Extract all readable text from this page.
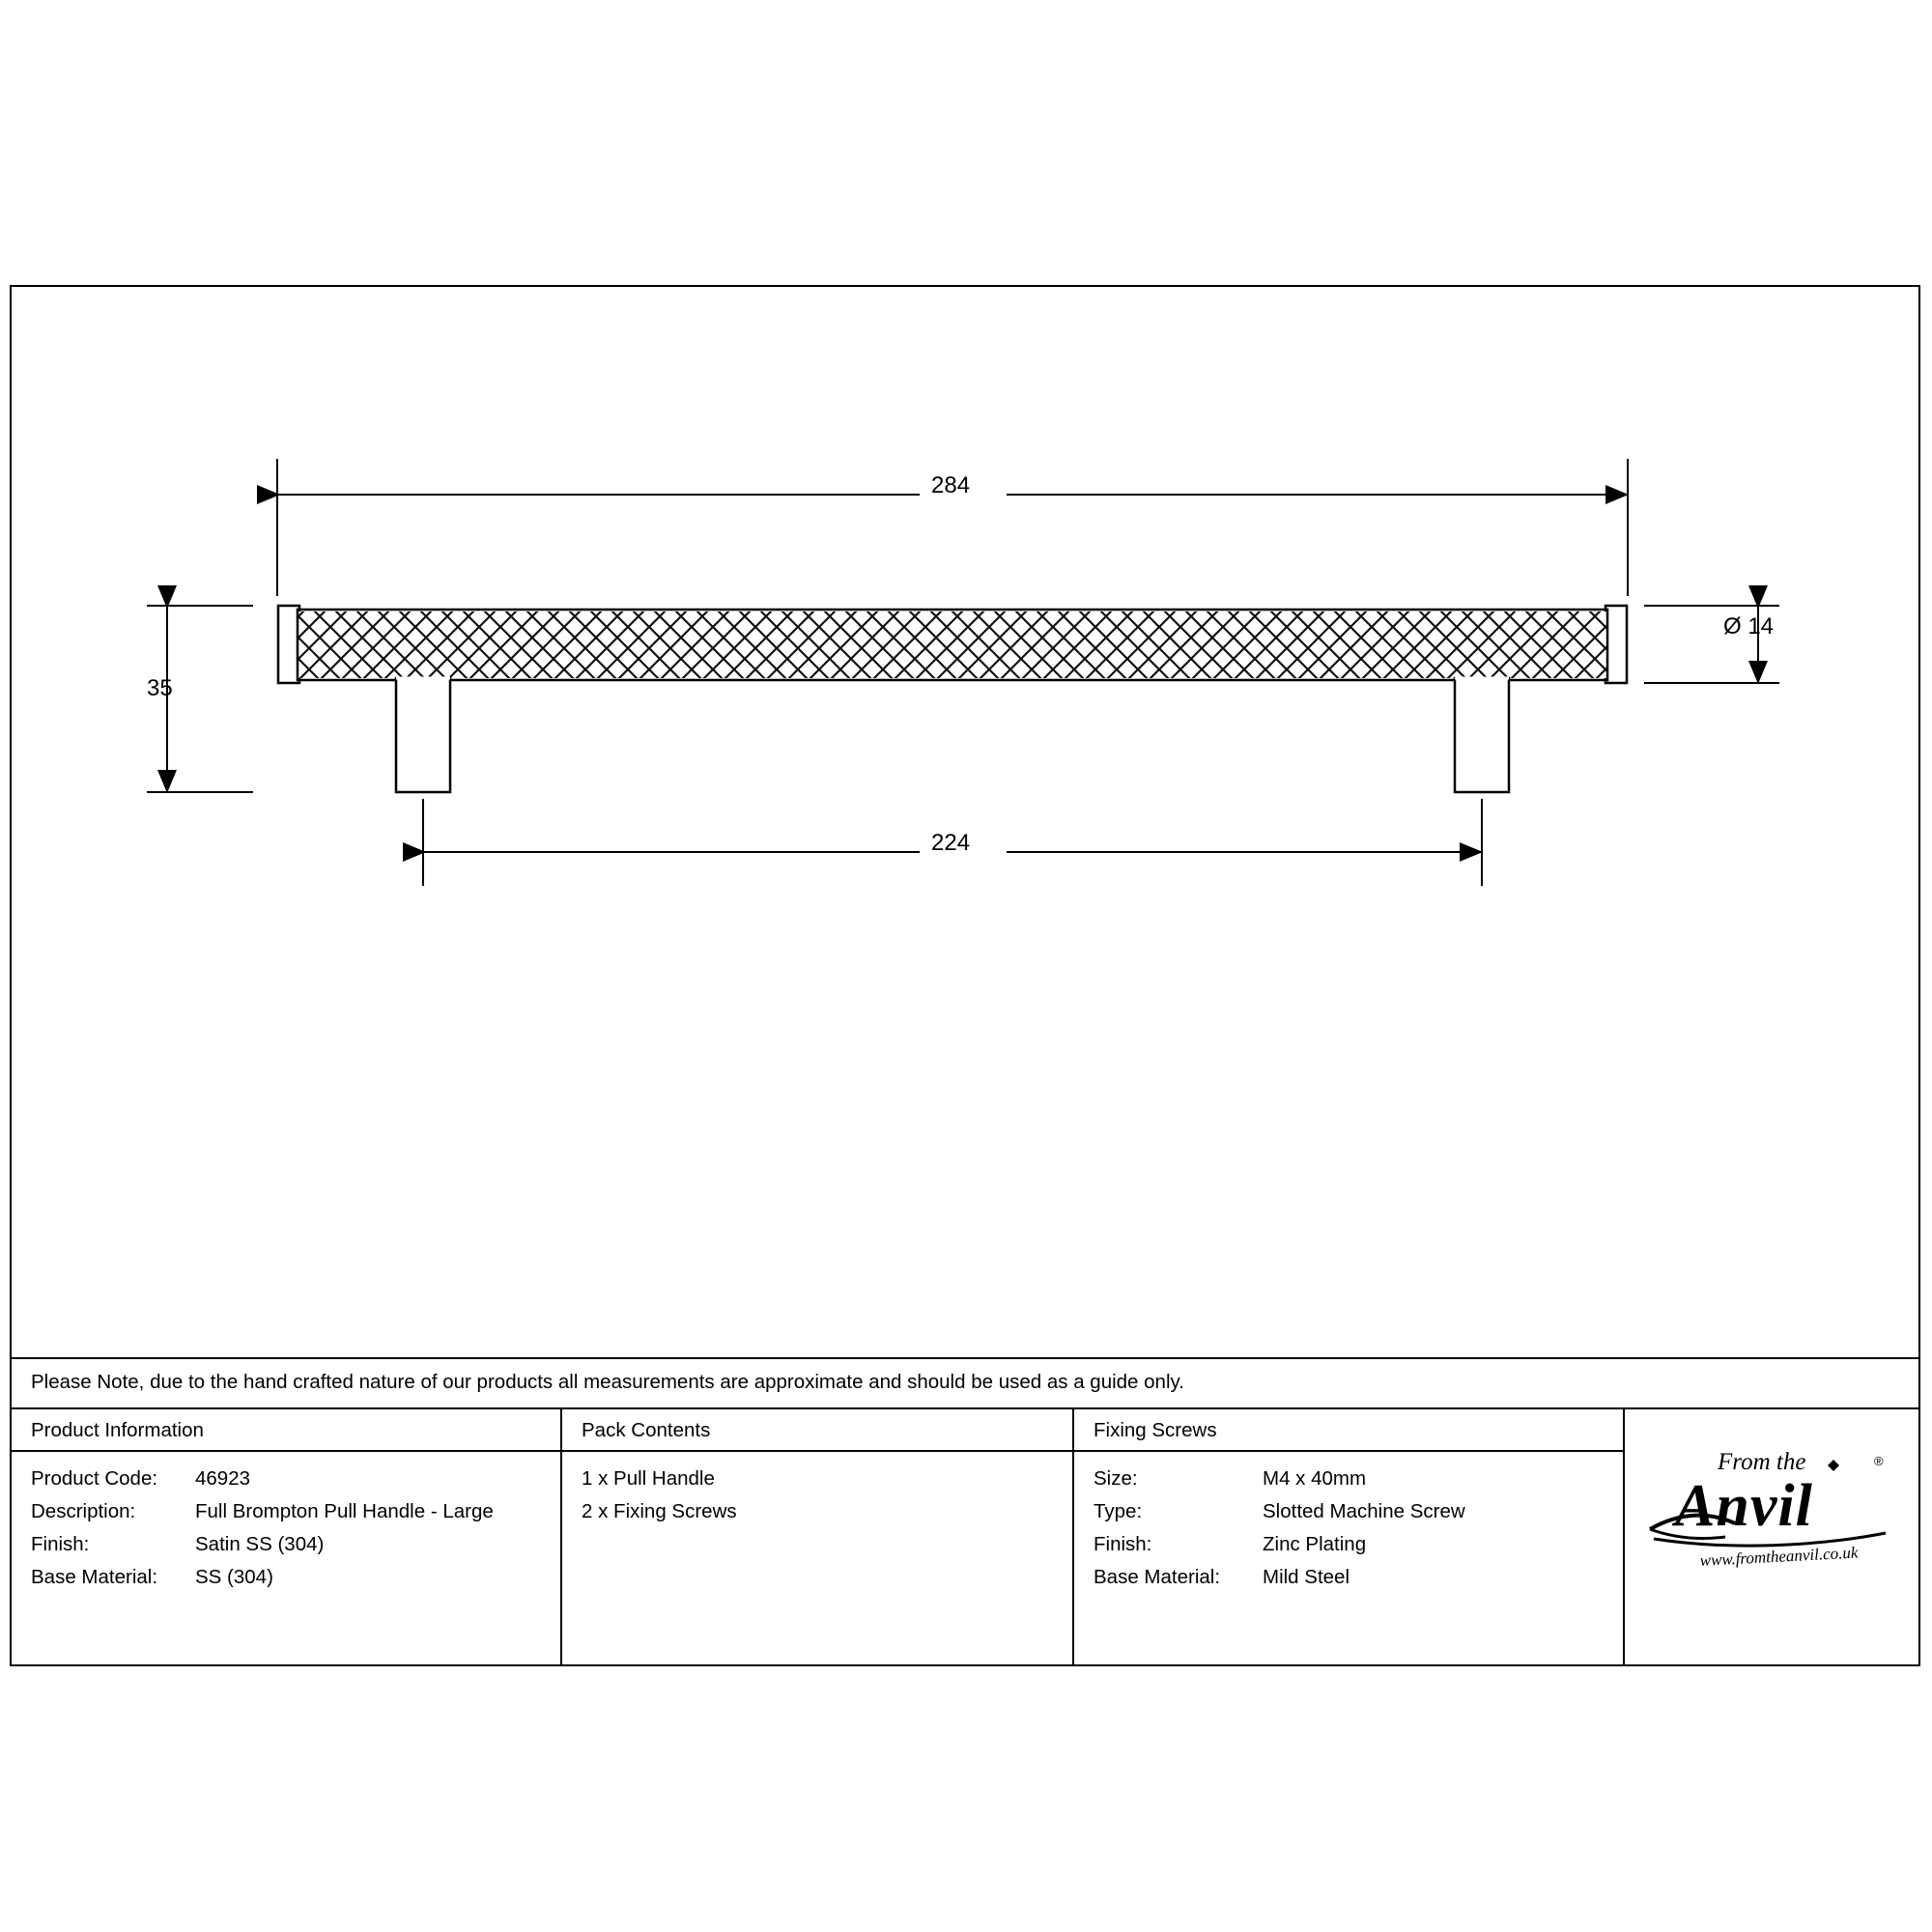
284
224
35
Ø 14
Please Note, due to the hand crafted nature of our products all measurements are approximate and should be used as a guide only.
Product Information
Product Code: 46923
Description:	Full Brompton Pull Handle - Large
Finish:	Satin SS (304)
Base Material: SS (304)
Pack Contents
1 x Pull Handle
2 x Fixing Screws
Fixing Screws
Size:	M4 x 40mm
Type:	Slotted Machine Screw
Finish:	Zinc Plating
Base Material: Mild Steel
From the	®
Anvil
www.fromtheanvil.co.uk
